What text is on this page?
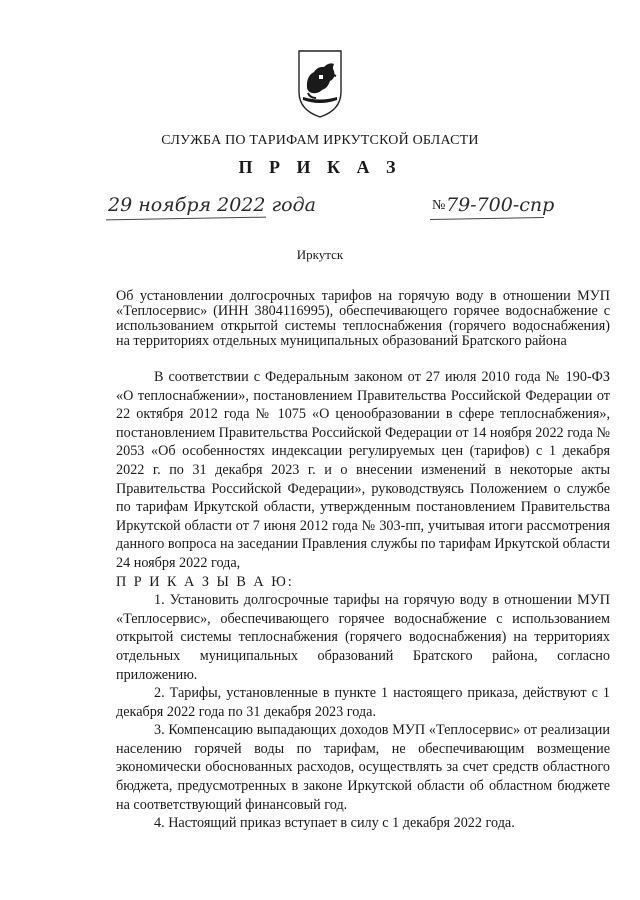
СЛУЖБА ПО ТАРИФАМ ИРКУТСКОЙ ОБЛАСТИ
П Р И К А З
29 ноября 2022 года	№ 79-700-спр
Иркутск
Об установлении долгосрочных тарифов на горячую воду в отношении МУП «Теплосервис» (ИНН 3804116995), обеспечивающего горячее водоснабжение с использованием открытой системы теплоснабжения (горячего водоснабжения) на территориях отдельных муниципальных образований Братского района

В соответствии с Федеральным законом от 27 июля 2010 года № 190-ФЗ «О теплоснабжении», постановлением Правительства Российской Федерации от 22 октября 2012 года № 1075 «О ценообразовании в сфере теплоснабжения», постановлением Правительства Российской Федерации от 14 ноября 2022 года № 2053 «Об особенностях индексации регулируемых цен (тарифов) с 1 декабря 2022 г. по 31 декабря 2023 г. и о внесении изменений в некоторые акты Правительства Российской Федерации», руководствуясь Положением о службе по тарифам Иркутской области, утвержденным постановлением Правительства Иркутской области от 7 июня 2012 года № 303-пп, учитывая итоги рассмотрения данного вопроса на заседании Правления службы по тарифам Иркутской области 24 ноября 2022 года,

П Р И К А З Ы В А Ю:

1. Установить долгосрочные тарифы на горячую воду в отношении МУП «Теплосервис», обеспечивающего горячее водоснабжение с использованием открытой системы теплоснабжения (горячего водоснабжения) на территориях отдельных муниципальных образований Братского района, согласно приложению.

2. Тарифы, установленные в пункте 1 настоящего приказа, действуют с 1 декабря 2022 года по 31 декабря 2023 года.

3. Компенсацию выпадающих доходов МУП «Теплосервис» от реализации населению горячей воды по тарифам, не обеспечивающим возмещение экономически обоснованных расходов, осуществлять за счет средств областного бюджета, предусмотренных в законе Иркутской области об областном бюджете на соответствующий финансовый год.

4. Настоящий приказ вступает в силу с 1 декабря 2022 года.
